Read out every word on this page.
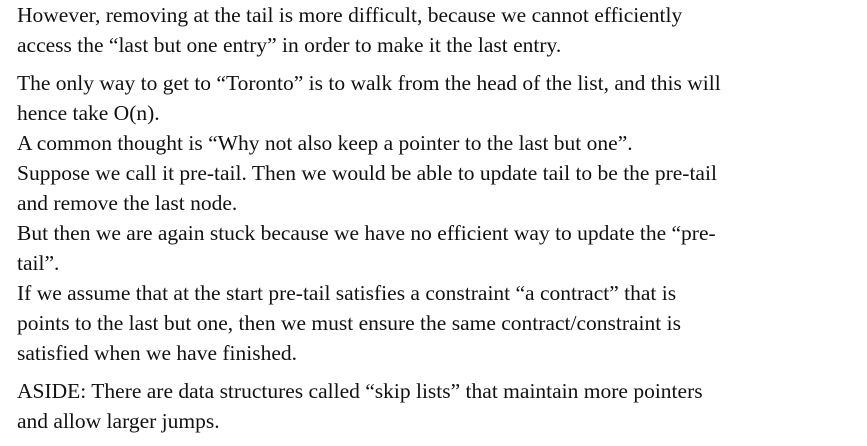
However, removing at the tail is more difficult, because we cannot efficiently
access the “last but one entry” in order to make it the last entry.

The only way to get to “Toronto” is to walk from the head of the list, and this will
hence take O(n).
A common thought is “Why not also keep a pointer to the last but one”.
Suppose we call it pre-tail. Then we would be able to update tail to be the pre-tail
and remove the last node.
But then we are again stuck because we have no efficient way to update the “pre-
tail”.
If we assume that at the start pre-tail satisfies a constraint “a contract” that is
points to the last but one, then we must ensure the same contract/constraint is
satisfied when we have finished.

ASIDE: There are data structures called “skip lists” that maintain more pointers
and allow larger jumps.
